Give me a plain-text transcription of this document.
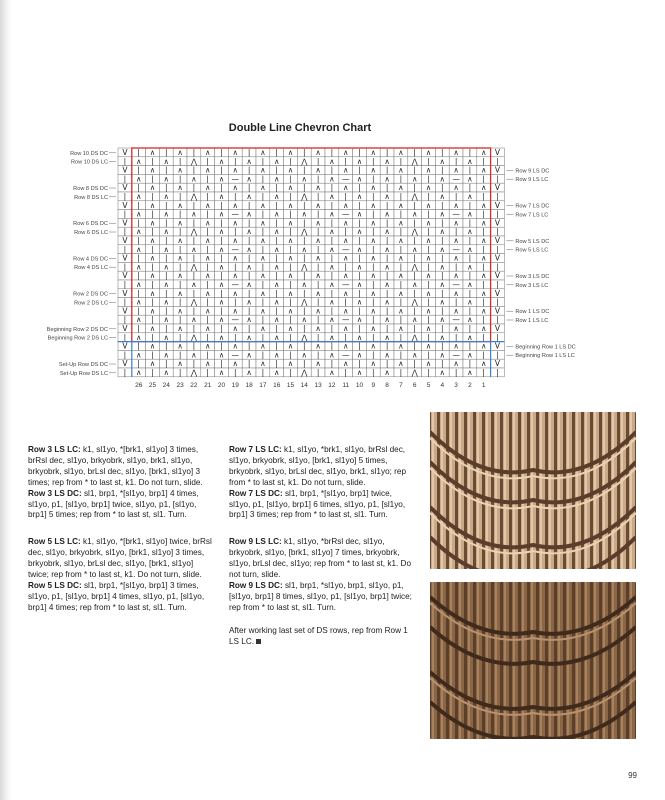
Double Line Chevron Chart
Row 10 DS DC
Row 10 DS LC
Row 8 DS DC
Row 8 DS LC
Row 6 DS DC
Row 6 DS LC
Row 4 DS DC
Row 4 DS LC
Row 2 DS DC
Row 2 DS LC
Beginning Row 2 DS DC
Beginning Row 2 DS LC
Set-Up Row DS DC
Set-Up Row DS LC
Row 9 LS DC
Row 9 LS LC
Row 7 LS DC
Row 7 LS LC
Row 5 LS DC
Row 5 LS LC
Row 3 LS DC
Row 3 LS LC
Row 1 LS DC
Row 1 LS LC
Beginning Row 1 LS DC
Beginning Row 1 LS LC
V | ∧ | ∧ | ∧ | ∧ | ∧ | ∧ | ∧ | ∧ | ∧ | ∧ | ∧ | ∧ | ∧ V
| ∧ | ∧ | ⋀ | ∧ | ∧ | ∧ | ⋀ | ∧ | ∧ | ∧ | ⋀ | ∧ | ∧ | |
V | ∧ | ∧ | ∧ | ∧ | ∧ | ∧ | ∧ | ∧ | ∧ | ∧ | ∧ | ∧ | ∧ V
| ∧ | ∧ | ∧ | ∧ — ∧ | ∧ | ∧ | ∧ — ∧ | ∧ | ∧ | ∧ — ∧ | |
V | ∧ | ∧ | ∧ | ∧ | ∧ | ∧ | ∧ | ∧ | ∧ | ∧ | ∧ | ∧ | ∧ V
| ∧ | ∧ | ⋀ | ∧ | ∧ | ∧ | ⋀ | ∧ | ∧ | ∧ | ⋀ | ∧ | ∧ | |
V | ∧ | ∧ | ∧ | ∧ | ∧ | ∧ | ∧ | ∧ | ∧ | ∧ | ∧ | ∧ | ∧ V
| ∧ | ∧ | ∧ | ∧ — ∧ | ∧ | ∧ | ∧ — ∧ | ∧ | ∧ | ∧ — ∧ | |
V | ∧ | ∧ | ∧ | ∧ | ∧ | ∧ | ∧ | ∧ | ∧ | ∧ | ∧ | ∧ | ∧ V
| ∧ | ∧ | ⋀ | ∧ | ∧ | ∧ | ⋀ | ∧ | ∧ | ∧ | ⋀ | ∧ | ∧ | |
V | ∧ | ∧ | ∧ | ∧ | ∧ | ∧ | ∧ | ∧ | ∧ | ∧ | ∧ | ∧ | ∧ V
| ∧ | ∧ | ∧ | ∧ — ∧ | ∧ | ∧ | ∧ — ∧ | ∧ | ∧ | ∧ — ∧ | |
V | ∧ | ∧ | ∧ | ∧ | ∧ | ∧ | ∧ | ∧ | ∧ | ∧ | ∧ | ∧ | ∧ V
| ∧ | ∧ | ⋀ | ∧ | ∧ | ∧ | ⋀ | ∧ | ∧ | ∧ | ⋀ | ∧ | ∧ | |
V | ∧ | ∧ | ∧ | ∧ | ∧ | ∧ | ∧ | ∧ | ∧ | ∧ | ∧ | ∧ | ∧ V
| ∧ | ∧ | ∧ | ∧ — ∧ | ∧ | ∧ | ∧ — ∧ | ∧ | ∧ | ∧ — ∧ | |
V | ∧ | ∧ | ∧ | ∧ | ∧ | ∧ | ∧ | ∧ | ∧ | ∧ | ∧ | ∧ | ∧ V
| ∧ | ∧ | ⋀ | ∧ | ∧ | ∧ | ⋀ | ∧ | ∧ | ∧ | ⋀ | ∧ | ∧ | |
V | ∧ | ∧ | ∧ | ∧ | ∧ | ∧ | ∧ | ∧ | ∧ | ∧ | ∧ | ∧ | ∧ V
| ∧ | ∧ | ∧ | ∧ — ∧ | ∧ | ∧ | ∧ — ∧ | ∧ | ∧ | ∧ — ∧ | |
V | ∧ | ∧ | ∧ | ∧ | ∧ | ∧ | ∧ | ∧ | ∧ | ∧ | ∧ | ∧ | ∧ V
| ∧ | ∧ | ⋀ | ∧ | ∧ | ∧ | ⋀ | ∧ | ∧ | ∧ | ⋀ | ∧ | ∧ | |
V | ∧ | ∧ | ∧ | ∧ | ∧ | ∧ | ∧ | ∧ | ∧ | ∧ | ∧ | ∧ | ∧ V
| ∧ | ∧ | ∧ | ∧ — ∧ | ∧ | ∧ | ∧ — ∧ | ∧ | ∧ | ∧ — ∧ | |
V | ∧ | ∧ | ∧ | ∧ | ∧ | ∧ | ∧ | ∧ | ∧ | ∧ | ∧ | ∧ | ∧ V
| ∧ | ∧ | ⋀ | ∧ | ∧ | ∧ | ⋀ | ∧ | ∧ | ∧ | ⋀ | ∧ | ∧ | |
26 25 24 23 22 21 20 19 18 17 16 15 14 13 12 11 10 9 8 7 6 5 4 3 2 1

Row 3 LS LC: k1, sl1yo, *[brk1, sl1yo] 3 times, brRsl dec, sl1yo, brkyobrk, sl1yo, brk1, sl1yo, brkyobrk, sl1yo, brLsl dec, sl1yo, [brk1, sl1yo] 3 times; rep from * to last st, k1. Do not turn, slide.
Row 3 LS DC: sl1, brp1, *[sl1yo, brp1] 4 times, sl1yo, p1, [sl1yo, brp1] twice, sl1yo, p1, [sl1yo, brp1] 5 times; rep from * to last st, sl1. Turn.

Row 5 LS LC: k1, sl1yo, *[brk1, sl1yo] twice, brRsl dec, sl1yo, brkyobrk, sl1yo, [brk1, sl1yo] 3 times, brkyobrk, sl1yo, brLsl dec, sl1yo, [brk1, sl1yo] twice; rep from * to last st, k1. Do not turn, slide.
Row 5 LS DC: sl1, brp1, *[sl1yo, brp1] 3 times, sl1yo, p1, [sl1yo, brp1] 4 times, sl1yo, p1, [sl1yo, brp1] 4 times; rep from * to last st, sl1. Turn.

Row 7 LS LC: k1, sl1yo, *brk1, sl1yo, brRsl dec, sl1yo, brkyobrk, sl1yo, [brk1, sl1yo] 5 times, brkyobrk, sl1yo, brLsl dec, sl1yo, brk1, sl1yo; rep from * to last st, k1. Do not turn, slide.
Row 7 LS DC: sl1, brp1, *[sl1yo, brp1] twice, sl1yo, p1, [sl1yo, brp1] 6 times, sl1yo, p1, [sl1yo, brp1] 3 times; rep from * to last st, sl1. Turn.

Row 9 LS LC: k1, sl1yo, *brRsl dec, sl1yo, brkyobrk, sl1yo, [brk1, sl1yo] 7 times, brkyobrk, sl1yo, brLsl dec, sl1yo; rep from * to last st, k1. Do not turn, slide.
Row 9 LS DC: sl1, brp1, *sl1yo, brp1, sl1yo, p1, [sl1yo, brp1] 8 times, sl1yo, p1, [sl1yo, brp1] twice; rep from * to last st, sl1. Turn.

After working last set of DS rows, rep from Row 1 LS LC.

99
